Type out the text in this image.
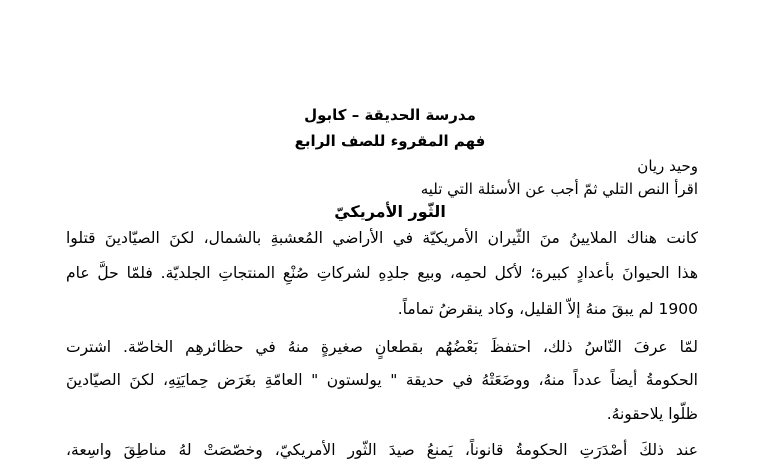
مدرسة الحديقة – كابول

فهم المقروء للصف الرابع

وحيد ريان

اقرأ النص التلي ثمّ أجب عن الأسئلة التي تليه

الثّور الأمريكيّ

كانت هناك الملايينُ منَ الثّيران الأمريكيّة في الأراضي المُعشبةِ بالشمال، لكنَ الصيّادينَ قتلوا

هذا الحيوانَ بأعدادٍ كبيرة؛ لأكل لحمِه، وبيع جلدِهِ لشركاتِ صُنْعِ المنتجاتِ الجلديّة. فلمّا حلَّ عام

1900 لم يبقَ منهُ إلاّ القليل، وكاد ينقرضُ تماماً.

لمّا عرفَ النّاسُ ذلك، احتفظَ بَعْضُهُم بقطعانٍ صغيرةٍ منهُ في حظائرهِم الخاصّة. اشترت

الحكومةُ أيضاً عدداً منهُ، ووضَعَتْهُ في حديقة " يولستون " العامّةِ بغَرَض حِمايَتِهِ، لكنَ الصيّادينَ

ظلّوا يلاحقونهُ.

عند ذلكَ أصْدَرَتِ الحكومةُ قانوناً، يَمنعُ صيدَ الثّور الأمريكيّ، وخصّصَتْ لهُ مناطِقَ واسِعة،
